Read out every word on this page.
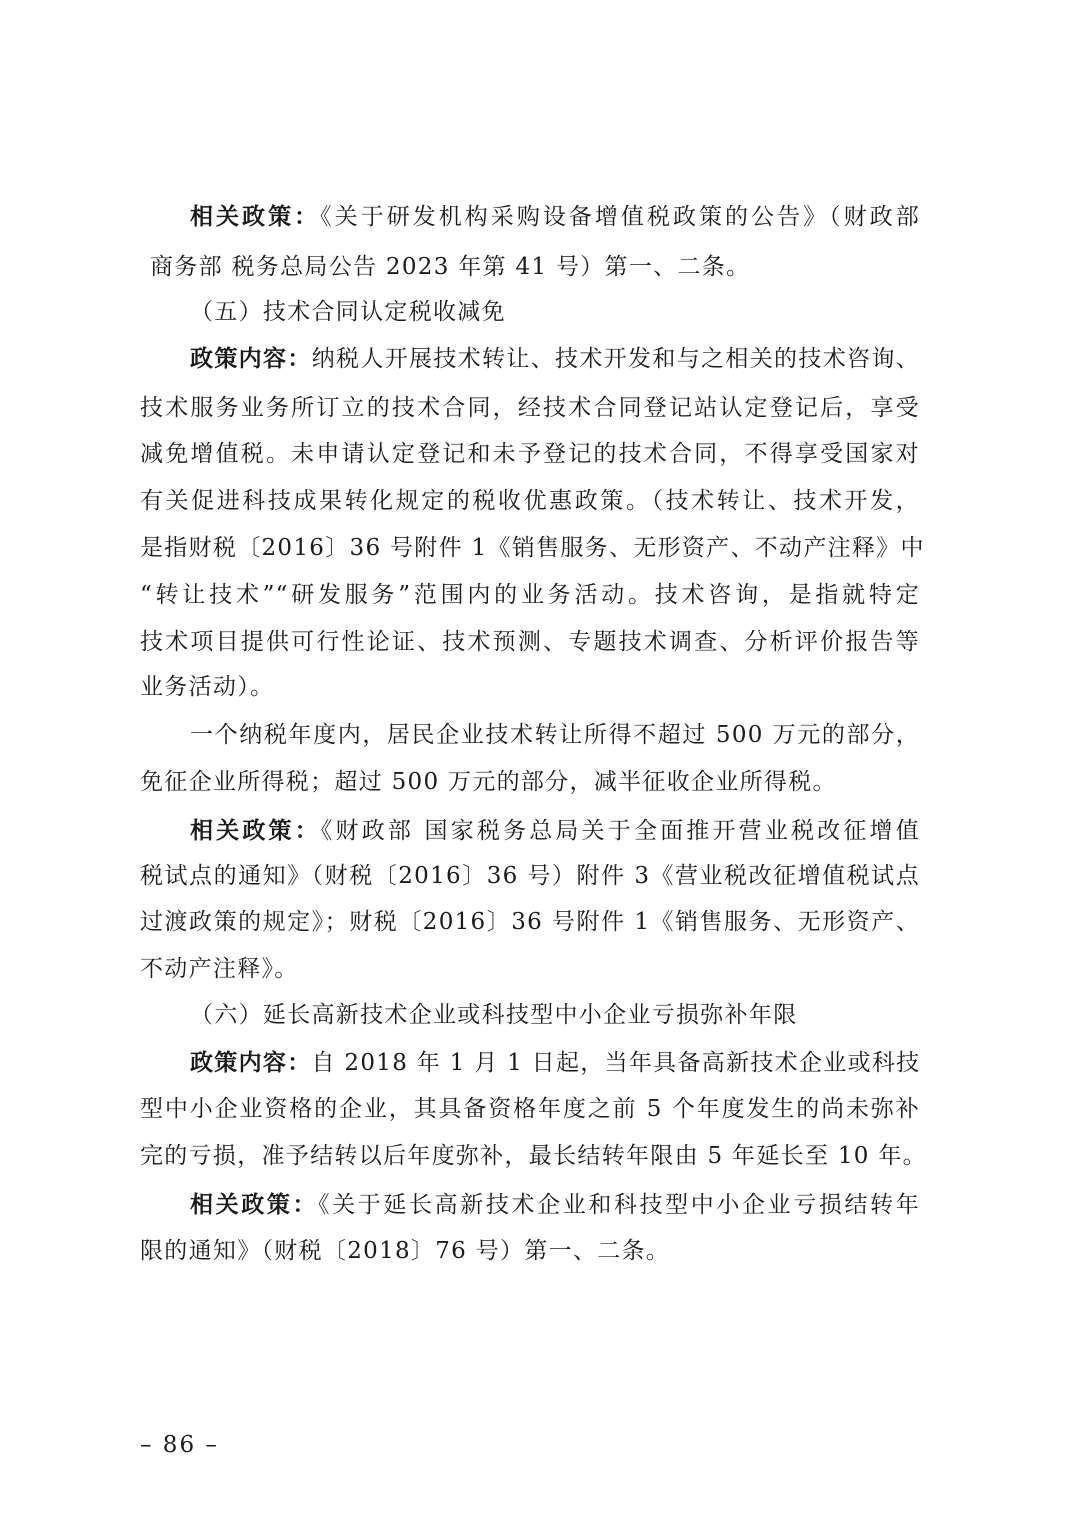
相关政策：《关于研发机构采购设备增值税政策的公告》（财政部
商务部 税务总局公告 2023 年第 41 号）第一、二条。
（五）技术合同认定税收减免
政策内容：纳税人开展技术转让、技术开发和与之相关的技术咨询、
技术服务业务所订立的技术合同，经技术合同登记站认定登记后，享受
减免增值税。未申请认定登记和未予登记的技术合同，不得享受国家对
有关促进科技成果转化规定的税收优惠政策。（技术转让、技术开发，
是指财税〔2016〕36 号附件 1《销售服务、无形资产、不动产注释》中
“转让技术”“研发服务”范围内的业务活动。技术咨询，是指就特定
技术项目提供可行性论证、技术预测、专题技术调查、分析评价报告等
业务活动）。
一个纳税年度内，居民企业技术转让所得不超过 500 万元的部分，
免征企业所得税；超过 500 万元的部分，减半征收企业所得税。
相关政策：《财政部 国家税务总局关于全面推开营业税改征增值
税试点的通知》（财税〔2016〕36 号）附件 3《营业税改征增值税试点
过渡政策的规定》；财税〔2016〕36 号附件 1《销售服务、无形资产、
不动产注释》。
（六）延长高新技术企业或科技型中小企业亏损弥补年限
政策内容：自 2018 年 1 月 1 日起，当年具备高新技术企业或科技
型中小企业资格的企业，其具备资格年度之前 5 个年度发生的尚未弥补
完的亏损，准予结转以后年度弥补，最长结转年限由 5 年延长至 10 年。
相关政策：《关于延长高新技术企业和科技型中小企业亏损结转年
限的通知》（财税〔2018〕76 号）第一、二条。
– 86 –
